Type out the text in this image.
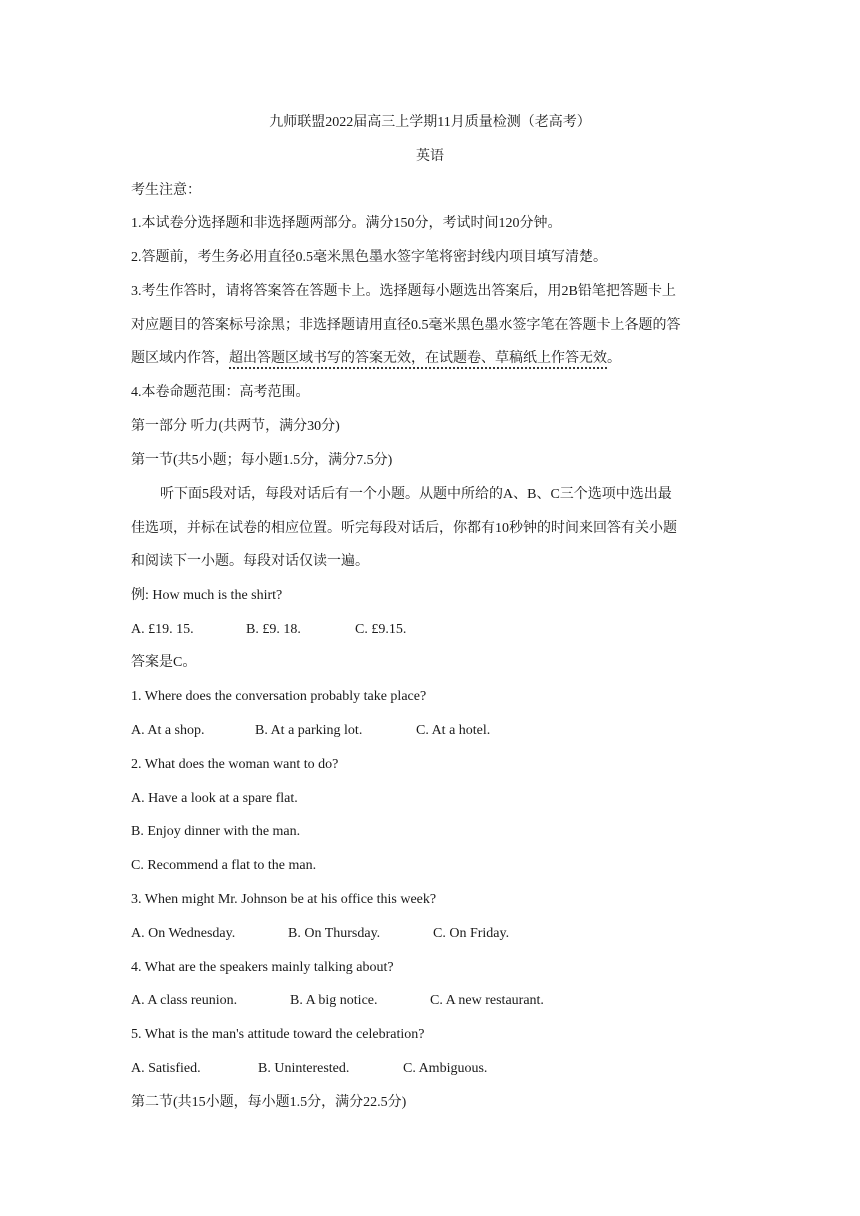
九师联盟2022届高三上学期11月质量检测（老高考）
英语
考生注意：
1.本试卷分选择题和非选择题两部分。满分150分，考试时间120分钟。
2.答题前，考生务必用直径0.5毫米黑色墨水签字笔将密封线内项目填写清楚。
3.考生作答时，请将答案答在答题卡上。选择题每小题选出答案后，用2B铅笔把答题卡上
对应题目的答案标号涂黑；非选择题请用直径0.5毫米黑色墨水签字笔在答题卡上各题的答
题区域内作答，超出答题区域书写的答案无效，在试题卷、草稿纸上作答无效。
4.本卷命题范围：高考范围。
第一部分 听力(共两节，满分30分)
第一节(共5小题；每小题1.5分，满分7.5分)
听下面5段对话，每段对话后有一个小题。从题中所给的A、B、C三个选项中选出最
佳选项，并标在试卷的相应位置。听完每段对话后，你都有10秒钟的时间来回答有关小题
和阅读下一小题。每段对话仅读一遍。
例: How much is the shirt?
A. £19. 15.	B. £9. 18.	C. £9.15.
答案是C。
1. Where does the conversation probably take place?
A. At a shop.	B. At a parking lot.	C. At a hotel.
2. What does the woman want to do?
A. Have a look at a spare flat.
B. Enjoy dinner with the man.
C. Recommend a flat to the man.
3. When might Mr. Johnson be at his office this week?
A. On Wednesday.	B. On Thursday.	C. On Friday.
4. What are the speakers mainly talking about?
A. A class reunion.	B. A big notice.	C. A new restaurant.
5. What is the man's attitude toward the celebration?
A. Satisfied.	B. Uninterested.	C. Ambiguous.
第二节(共15小题，每小题1.5分，满分22.5分)
